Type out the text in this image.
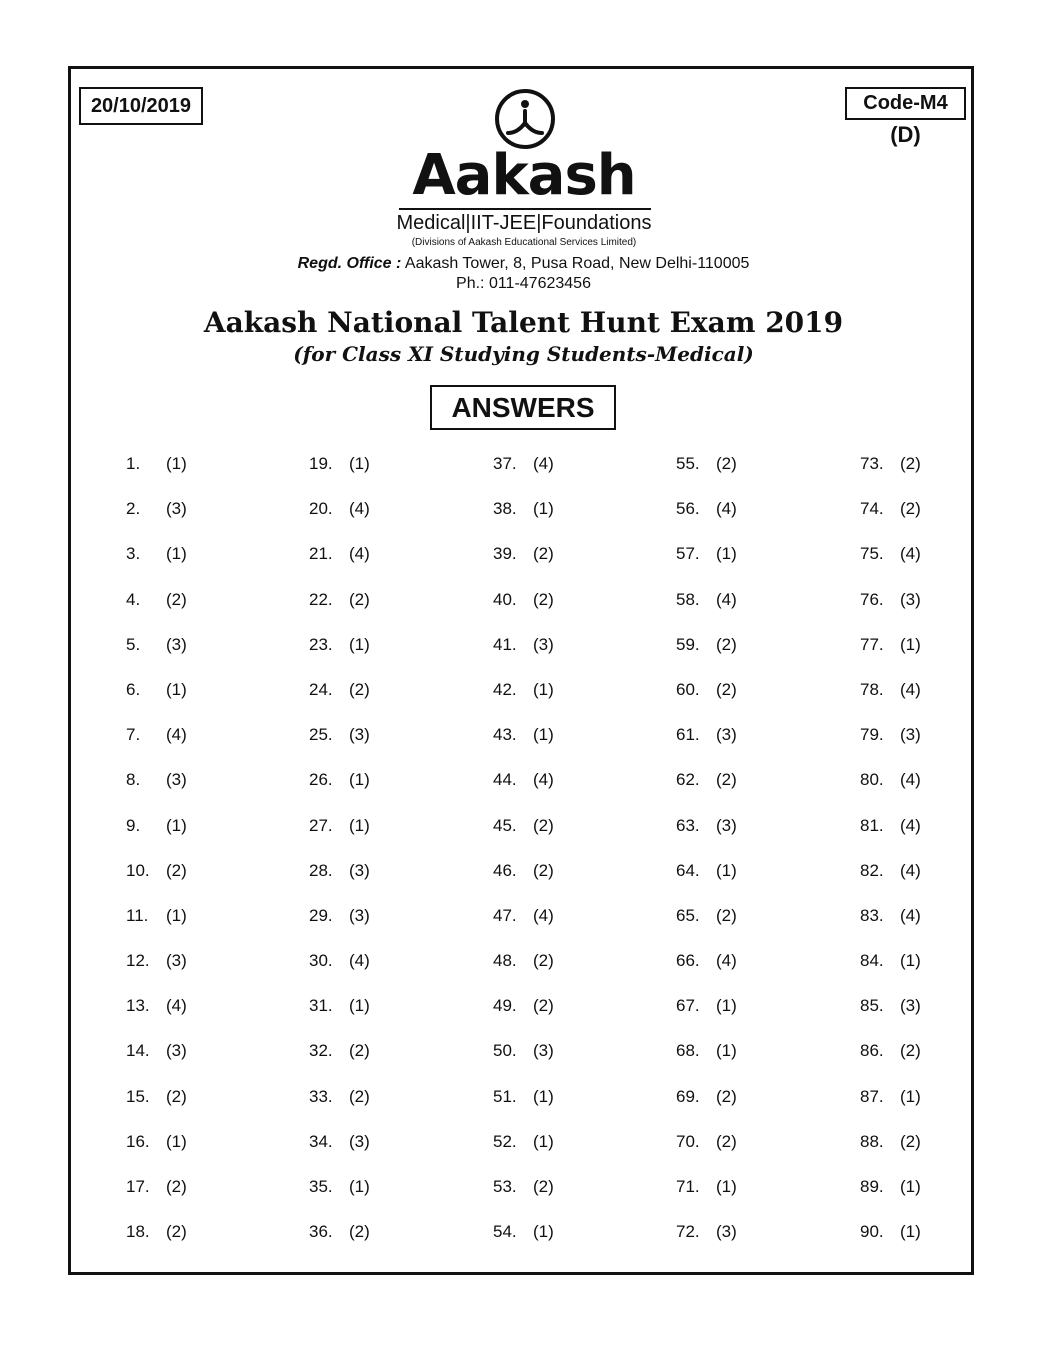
20/10/2019	Code-M4
(D)
Aakash
Medical|IIT-JEE|Foundations
(Divisions of Aakash Educational Services Limited)
Regd. Office : Aakash Tower, 8, Pusa Road, New Delhi-110005
Ph.: 011-47623456
Aakash National Talent Hunt Exam 2019
(for Class XI Studying Students-Medical)
ANSWERS
1.	(1)
2.	(3)
3.	(1)
4.	(2)
5.	(3)
6.	(1)
7.	(4)
8.	(3)
9.	(1)
10. (2)
11.	(1)
12. (3)
13. (4)
14. (3)
15. (2)
16. (1)
17. (2)
18. (2)
19. (1)
20. (4)
21. (4)
22. (2)
23. (1)
24. (2)
25. (3)
26. (1)
27. (1)
28. (3)
29. (3)
30. (4)
31. (1)
32. (2)
33. (2)
34. (3)
35. (1)
36. (2)
37. (4)
38. (1)
39. (2)
40. (2)
41. (3)
42. (1)
43. (1)
44. (4)
45. (2)
46. (2)
47. (4)
48. (2)
49. (2)
50. (3)
51. (1)
52. (1)
53. (2)
54. (1)
55. (2)
56. (4)
57. (1)
58. (4)
59. (2)
60. (2)
61. (3)
62. (2)
63. (3)
64. (1)
65. (2)
66. (4)
67. (1)
68. (1)
69. (2)
70. (2)
71. (1)
72. (3)
73. (2)
74. (2)
75. (4)
76. (3)
77. (1)
78. (4)
79. (3)
80. (4)
81. (4)
82. (4)
83. (4)
84. (1)
85. (3)
86. (2)
87. (1)
88. (2)
89. (1)
90. (1)
